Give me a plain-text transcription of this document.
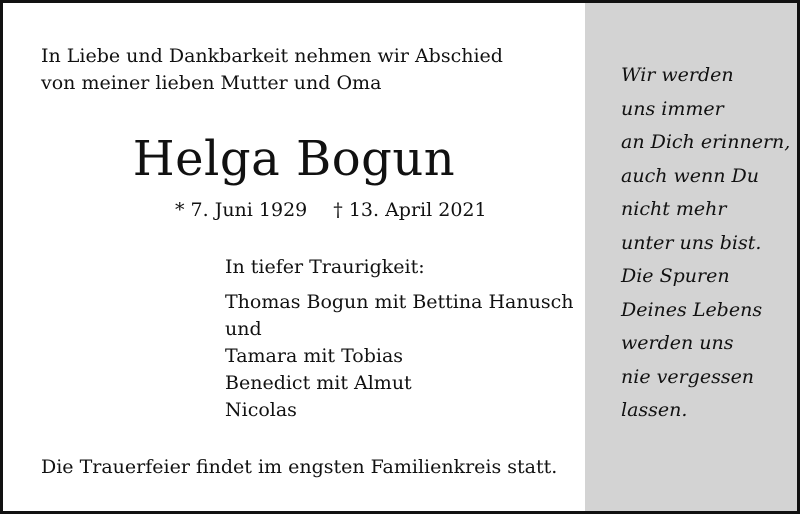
In Liebe und Dankbarkeit nehmen wir Abschied
von meiner lieben Mutter und Oma
Helga Bogun
* 7. Juni 1929 † 13. April 2021
In tiefer Traurigkeit:
Thomas Bogun mit Bettina Hanusch
und
Tamara mit Tobias
Benedict mit Almut
Nicolas
Die Trauerfeier findet im engsten Familienkreis statt.
Wir werden
uns immer
an Dich erinnern,
auch wenn Du
nicht mehr
unter uns bist.
Die Spuren
Deines Lebens
werden uns
nie vergessen
lassen.
